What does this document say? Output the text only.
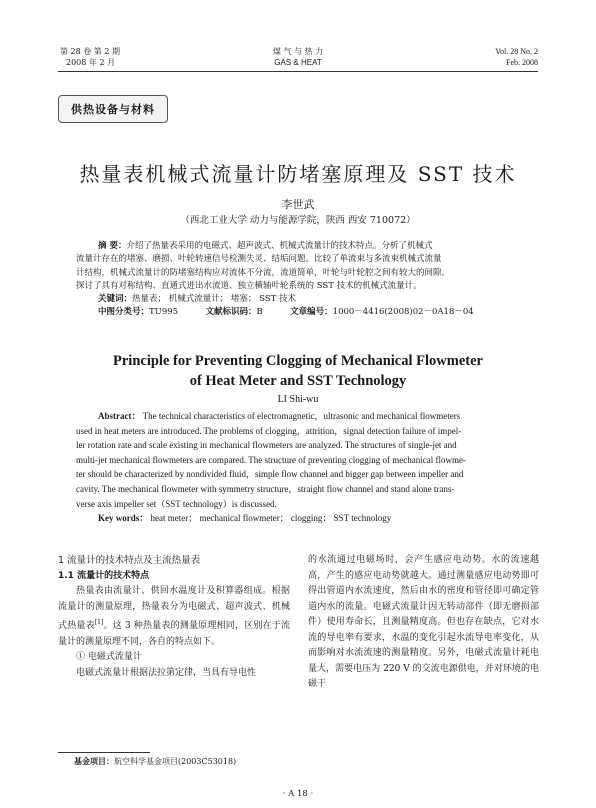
第 28 卷 第 2 期
2008 年 2 月
煤 气 与 热 力
GAS & HEAT
Vol. 28 No. 2
Feb. 2008
供热设备与材料
热量表机械式流量计防堵塞原理及 SST 技术
李世武
（西北工业大学 动力与能源学院，陕西 西安 710072）
摘 要：介绍了热量表采用的电磁式、超声波式、机械式流量计的技术特点。分析了机械式
流量计存在的堵塞、磨损、叶轮转速信号检测失灵、结垢问题。比较了单流束与多流束机械式流量
计结构，机械式流量计的防堵塞结构应对流体不分流，流道简单，叶轮与叶轮腔之间有较大的间隙。
探讨了具有对称结构、直通式进出水流道、独立横轴叶轮系统的 SST 技术的机械式流量计。
关键词：热量表； 机械式流量计； 堵塞； SST 技术
中图分类号：TU995	文献标识码：B	文章编号：1000－4416(2008)02－0A18－04
Principle for Preventing Clogging of Mechanical Flowmeter
of Heat Meter and SST Technology
LI Shi-wu
Abstract： The technical characteristics of electromagnetic，ultrasonic and mechanical flowmeters
used in heat meters are introduced. The problems of clogging，attrition，signal detection failure of impel-
ler rotation rate and scale existing in mechanical flowmeters are analyzed. The structures of single-jet and
multi-jet mechanical flowmeters are compared. The structure of preventing clogging of mechanical flowme-
ter should be characterized by nondivided fluid，simple flow channel and bigger gap between impeller and
cavity. The mechanical flowmeter with symmetry structure，straight flow channel and stand alone trans-
verse axis impeller set（SST technology）is discussed.
Key words： heat meter； mechanical flowmeter； clogging； SST technology

1 流量计的技术特点及主流热量表

1.1 流量计的技术特点

热量表由流量计、供回水温度计及积算器组成。根据流量计的测量原理，热量表分为电磁式、超声波式、机械式热量表[1]。这 3 种热量表的测量原理相同，区别在于流量计的测量原理不同，各自的特点如下。

① 电磁式流量计

电磁式流量计根据法拉第定律，当具有导电性

的水流通过电磁场时，会产生感应电动势。水的流速越高，产生的感应电动势就越大。通过测量感应电动势即可得出管道内水流速度，然后由水的密度和管径即可确定管道内水的流量。电磁式流量计因无转动部件（即无磨损部件）使用寿命长，且测量精度高。但也存在缺点，它对水流的导电率有要求，水温的变化引起水流导电率变化，从而影响对水流流速的测量精度。另外，电磁式流量计耗电量大，需要电压为 220 V 的交流电源供电，并对环境的电磁干

基金项目：航空科学基金项目(2003C53018)
· A 18 ·
